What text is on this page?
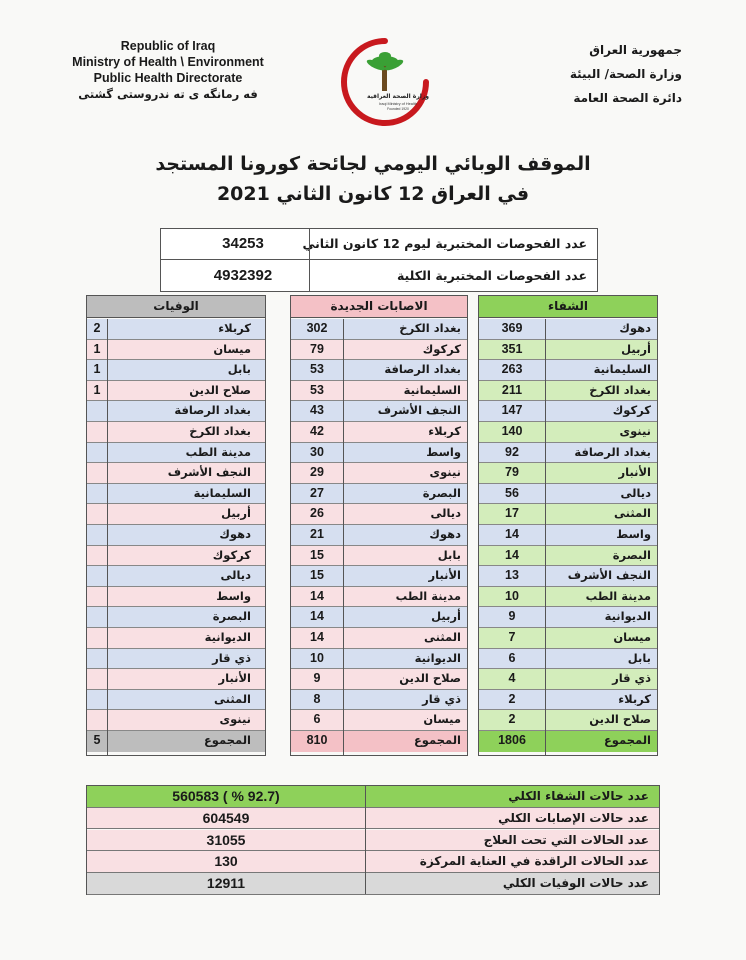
Republic of Iraq
Ministry of Health \ Environment
Public Health Directorate
فه رمانگه ى ته ندروستى گشتى
جمهورية العراق
وزارة الصحة/ البيئة
دائرة الصحة العامة
وزارة الصحة العراقية
Iraqi Ministry of Health
Founded 1920
الموقف الوبائي اليومي لجائحة كورونا المستجد
في العراق 12 كانون الثاني 2021
عدد الفحوصات المختبرية ليوم 12 كانون الثاني
34253
عدد الفحوصات المختبرية الكلية
4932392
الشفاء
دهوك
369
أربيل
351
السليمانية
263
بغداد الكرخ
211
كركوك
147
نينوى
140
بغداد الرصافة
92
الأنبار
79
ديالى
56
المثنى
17
واسط
14
البصرة
14
النجف الأشرف
13
مدينة الطب
10
الديوانية
9
ميسان
7
بابل
6
ذي قار
4
كربلاء
2
صلاح الدين
2
المجموع
1806
الاصابات الجديدة
بغداد الكرخ
302
كركوك
79
بغداد الرصافة
53
السليمانية
53
النجف الأشرف
43
كربلاء
42
واسط
30
نينوى
29
البصرة
27
ديالى
26
دهوك
21
بابل
15
الأنبار
15
مدينة الطب
14
أربيل
14
المثنى
14
الديوانية
10
صلاح الدين
9
ذي قار
8
ميسان
6
المجموع
810
الوفيات
كربلاء
2
ميسان
1
بابل
1
صلاح الدين
1
بغداد الرصافة
بغداد الكرخ
مدينة الطب
النجف الأشرف
السليمانية
أربيل
دهوك
كركوك
ديالى
واسط
البصرة
الديوانية
ذي قار
الأنبار
المثنى
نينوى
المجموع
5
عدد حالات الشفاء الكلي
560583 ( % 92.7)
عدد حالات الإصابات الكلي
604549
عدد الحالات التي تحت العلاج
31055
عدد الحالات الراقدة في العناية المركزة
130
عدد حالات الوفيات الكلي
12911
